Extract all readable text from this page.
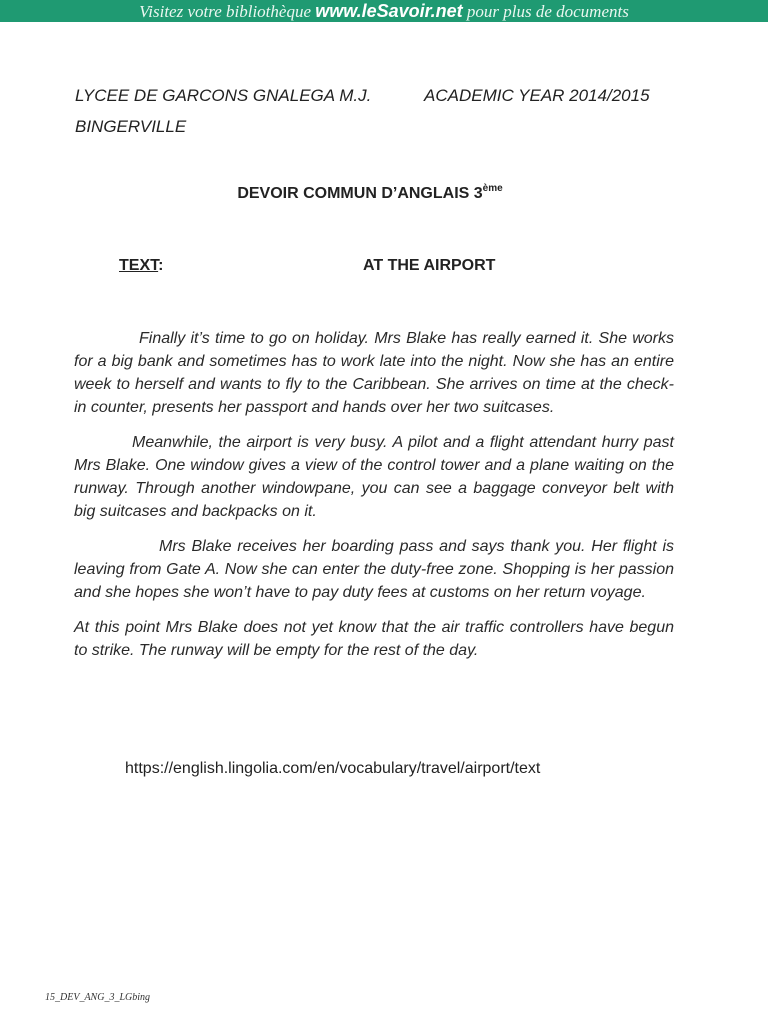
Visitez votre bibliothèque www.leSavoir.net pour plus de documents
LYCEE DE GARCONS GNALEGA M.J.	ACADEMIC YEAR 2014/2015
BINGERVILLE
DEVOIR COMMUN D’ANGLAIS 3ème
TEXT:	AT THE AIRPORT

Finally it’s time to go on holiday. Mrs Blake has really earned it. She works for a big bank and sometimes has to work late into the night. Now she has an entire week to herself and wants to fly to the Caribbean. She arrives on time at the check-in counter, presents her passport and hands over her two suitcases.

Meanwhile, the airport is very busy. A pilot and a flight attendant hurry past Mrs Blake. One window gives a view of the control tower and a plane waiting on the runway. Through another windowpane, you can see a baggage conveyor belt with big suitcases and backpacks on it.

Mrs Blake receives her boarding pass and says thank you. Her flight is leaving from Gate A. Now she can enter the duty-free zone. Shopping is her passion and she hopes she won’t have to pay duty fees at customs on her return voyage.

At this point Mrs Blake does not yet know that the air traffic controllers have begun to strike. The runway will be empty for the rest of the day.

https://english.lingolia.com/en/vocabulary/travel/airport/text
15_DEV_ANG_3_LGbing
